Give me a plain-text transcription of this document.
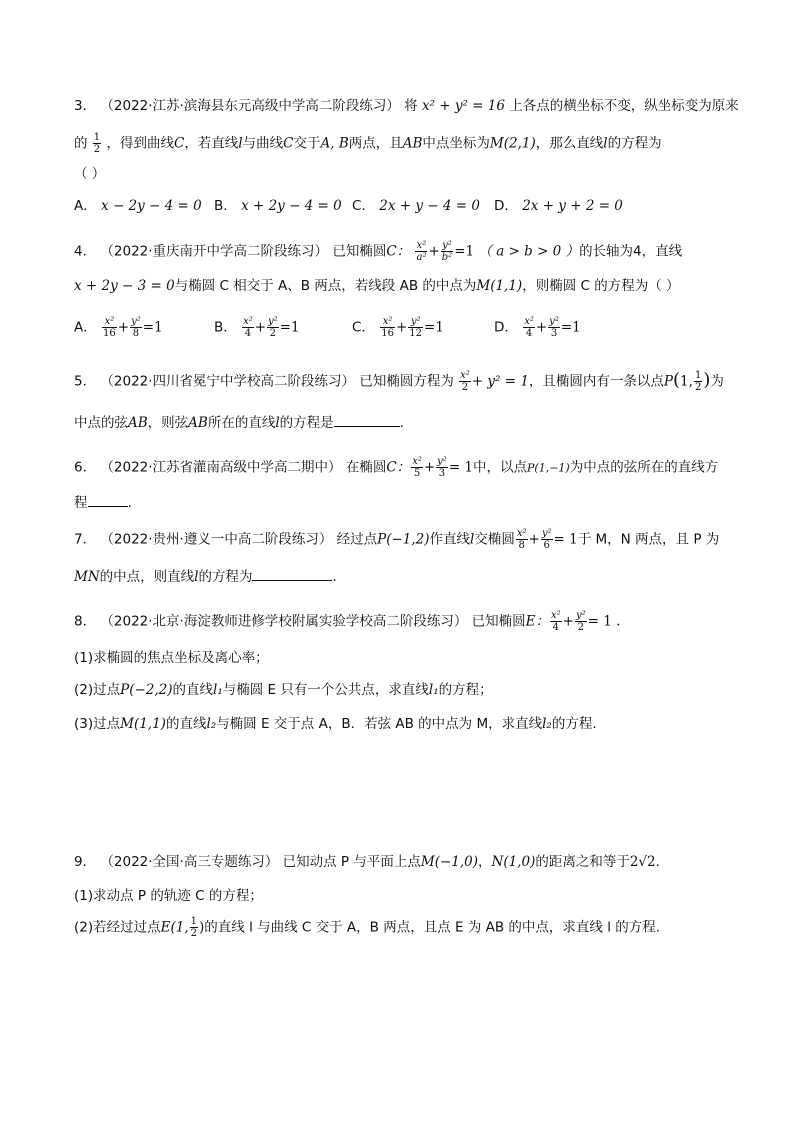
3． （2022·江苏·滨海县东元高级中学高二阶段练习） 将 x² + y² = 16 上各点的横坐标不变，纵坐标变为原来
的 $\frac{1}{2}$ ，得到曲线C，若直线l与曲线C交于A, B两点，且AB中点坐标为M(2,1)，那么直线l的方程为
（ ）
A． x − 2y − 4 = 0 B． x + 2y − 4 = 0 C． 2x + y − 4 = 0 D． 2x + y + 2 = 0
4． （2022·重庆南开中学高二阶段练习） 已知椭圆C： $\frac{\text{x²}}{\text{a²}} + \frac{\text{y²}}{\text{b²}} =1$ （ a > b > 0 ）的长轴为4，直线
x + 2y − 3 = 0与椭圆 C 相交于 A、B 两点，若线段 AB 的中点为M(1,1)，则椭圆 C 的方程为（ ）
A． $\frac{\text{x²}}{16} + \frac{\text{y²}}{8} =1$	B． $\frac{\text{x²}}{4} + \frac{\text{y²}}{2} =1$	C． $\frac{\text{x²}}{16} + \frac{\text{y²}}{12} =1$	D． $\frac{\text{x²}}{4} + \frac{\text{y²}}{3} =1$
5． （2022·四川省冕宁中学校高二阶段练习） 已知椭圆方程为 $\frac{\text{x²}}{2} + y^2 = 1$，且椭圆内有一条以点P(1, $\frac{1}{2}$ )为
中点的弦AB，则弦AB所在的直线l的方程是	.
6． （2022·江苏省灌南高级中学高二期中） 在椭圆C： $\frac{\text{x²}}{5} + \frac{\text{y²}}{3} = 1$中，以点P(1,−1)为中点的弦所在的直线方
程	.
7． （2022·贵州·遵义一中高二阶段练习） 经过点P(−1,2)作直线l交椭圆 $\frac{\text{x²}}{8} + \frac{\text{y²}}{6} = 1$于 M，N 两点，且 P 为
MN的中点，则直线l的方程为	.
8． （2022·北京·海淀教师进修学校附属实验学校高二阶段练习） 已知椭圆E： $\frac{\text{x²}}{4} + \frac{\text{y²}}{2} = 1$ .
(1)求椭圆的焦点坐标及离心率；
(2)过点P(−2,2)的直线l₁与椭圆 E 只有一个公共点，求直线l₁的方程；
(3)过点M(1,1)的直线l₂与椭圆 E 交于点 A，B．若弦 AB 的中点为 M，求直线l₂的方程．
9． （2022·全国·高三专题练习） 已知动点 P 与平面上点M(−1,0)，N(1,0)的距离之和等于2√2.
(1)求动点 P 的轨迹 C 的方程；
(2)若经过过点E(1, $\frac{1}{2}$ )的直线 l 与曲线 C 交于 A，B 两点，且点 E 为 AB 的中点，求直线 l 的方程.
